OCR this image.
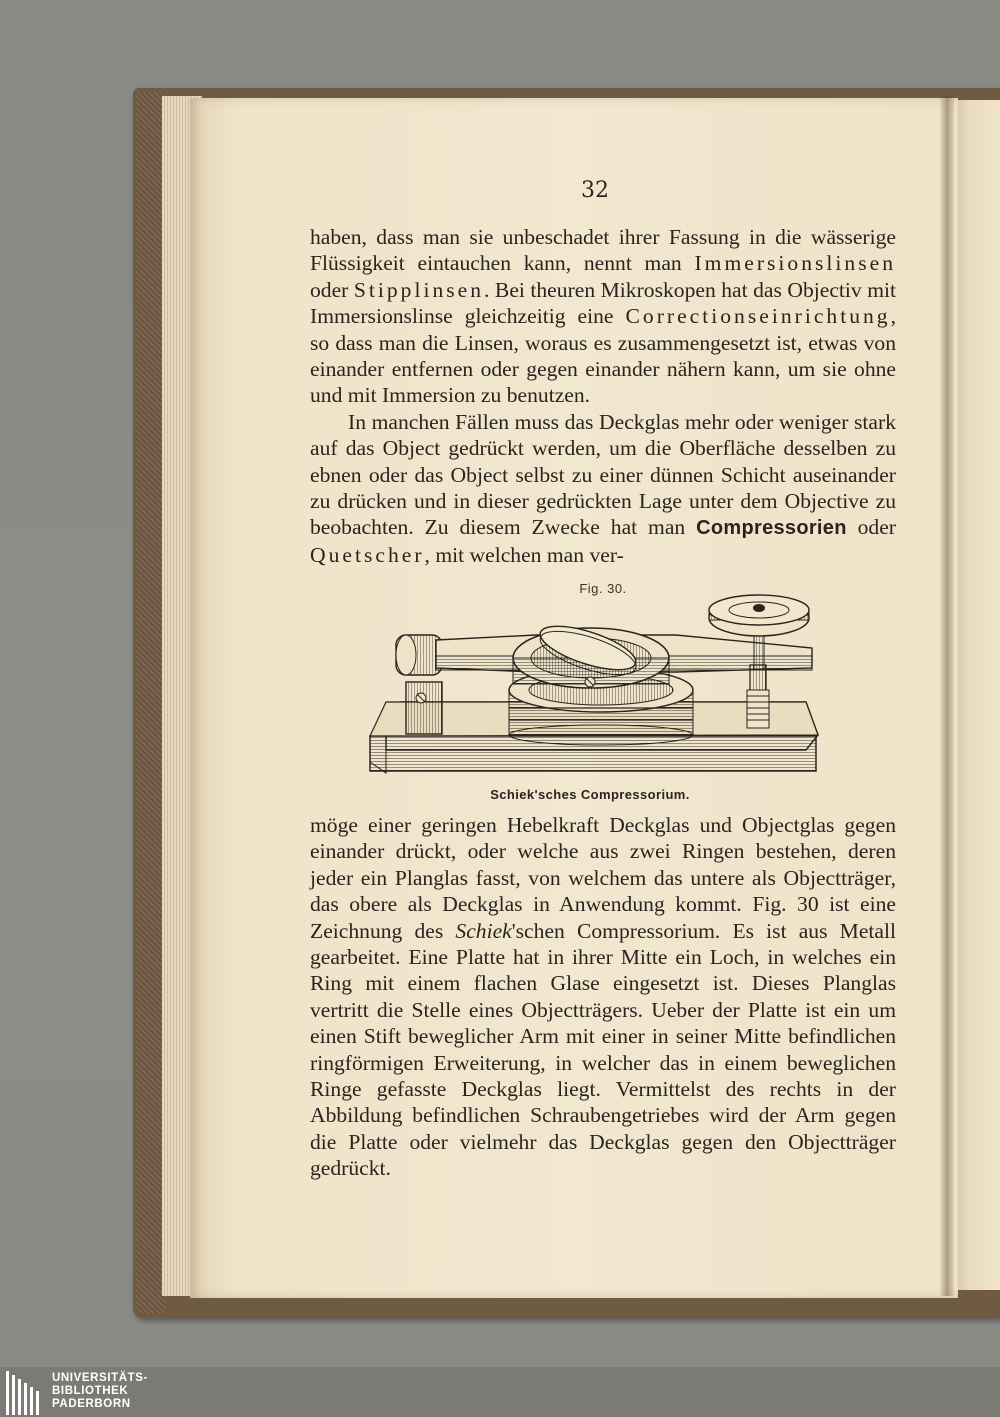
32

haben, dass man sie unbeschadet ihrer Fassung in die wässerige Flüssigkeit eintauchen kann, nennt man Immersionslinsen oder Stipplinsen. Bei theuren Mikroskopen hat das Objectiv mit Immersionslinse gleichzeitig eine Correctionseinrichtung, so dass man die Linsen, woraus es zusammengesetzt ist, etwas von einander entfernen oder gegen einander nähern kann, um sie ohne und mit Immersion zu benutzen.

In manchen Fällen muss das Deckglas mehr oder weniger stark auf das Object gedrückt werden, um die Oberfläche desselben zu ebnen oder das Object selbst zu einer dünnen Schicht auseinander zu drücken und in dieser gedrückten Lage unter dem Objective zu beobachten. Zu diesem Zwecke hat man Compressorien oder Quetscher, mit welchen man ver-

Fig. 30.
Schiek'sches Compressorium.

möge einer geringen Hebelkraft Deckglas und Objectglas gegen einander drückt, oder welche aus zwei Ringen bestehen, deren jeder ein Planglas fasst, von welchem das untere als Objectträger, das obere als Deckglas in Anwendung kommt. Fig. 30 ist eine Zeichnung des Schiek'schen Compressorium. Es ist aus Metall gearbeitet. Eine Platte hat in ihrer Mitte ein Loch, in welches ein Ring mit einem flachen Glase eingesetzt ist. Dieses Planglas vertritt die Stelle eines Objectträgers. Ueber der Platte ist ein um einen Stift beweglicher Arm mit einer in seiner Mitte befindlichen ringförmigen Erweiterung, in welcher das in einem beweglichen Ringe gefasste Deckglas liegt. Vermittelst des rechts in der Abbildung befindlichen Schraubengetriebes wird der Arm gegen die Platte oder vielmehr das Deckglas gegen den Objectträger gedrückt.

UNIVERSITÄTS-
BIBLIOTHEK
PADERBORN
